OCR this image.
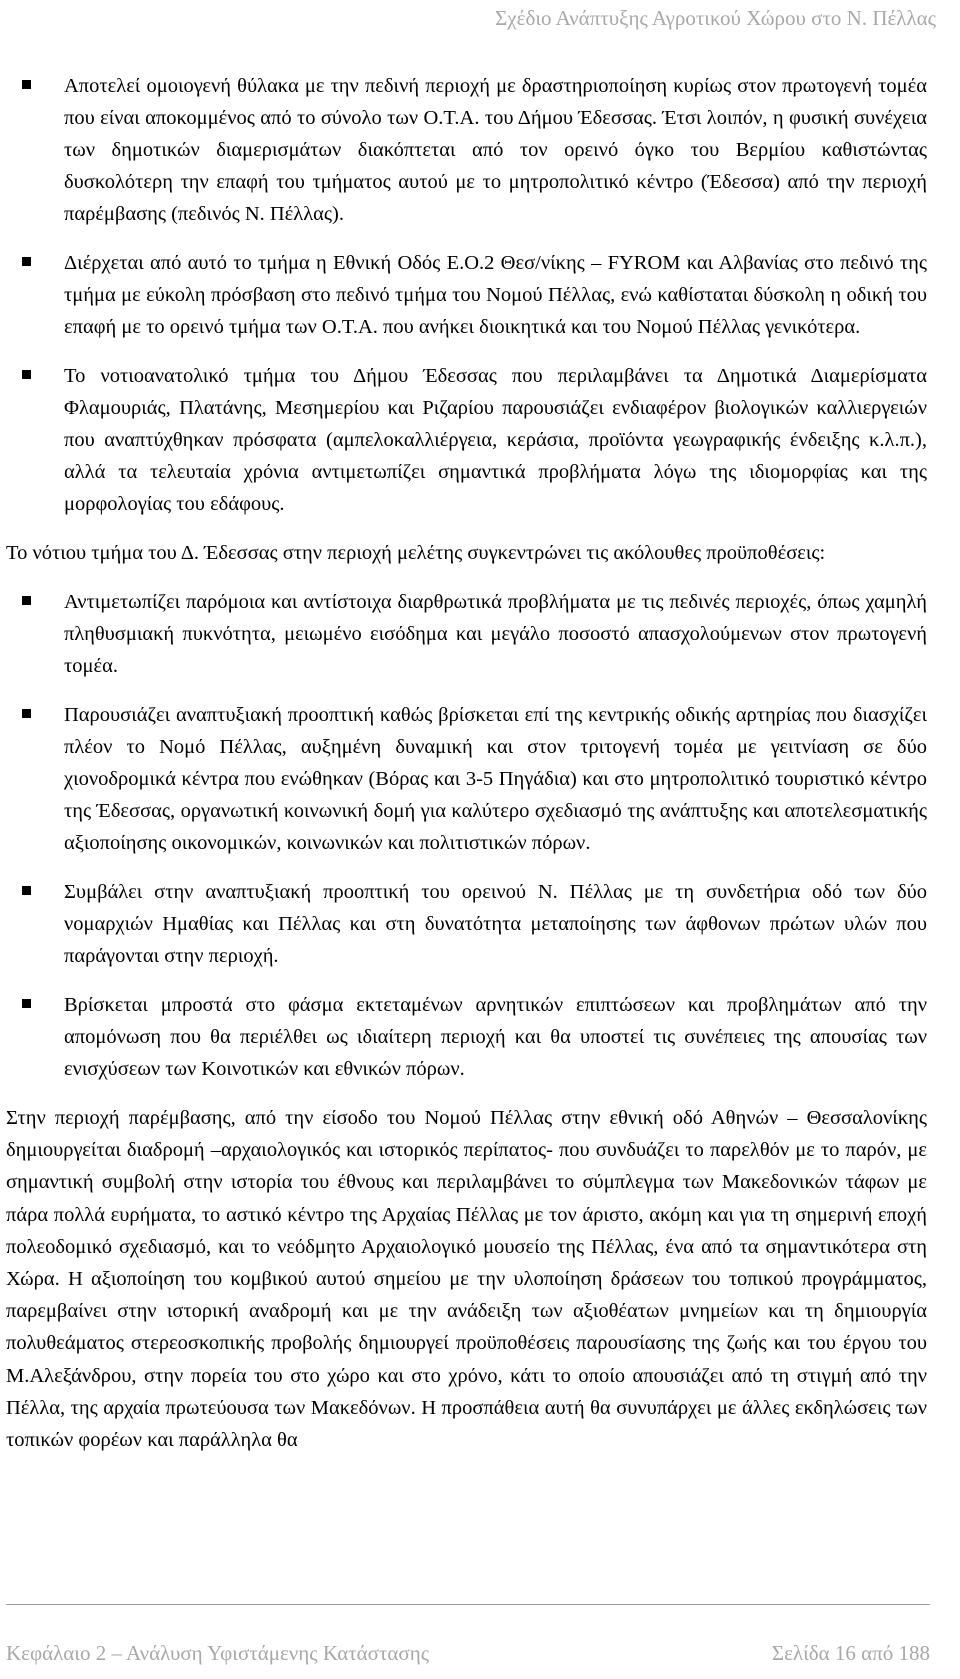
Σχέδιο Ανάπτυξης Αγροτικού Χώρου στο Ν. Πέλλας
Αποτελεί ομοιογενή θύλακα με την πεδινή περιοχή με δραστηριοποίηση κυρίως στον πρωτογενή τομέα που είναι αποκομμένος από το σύνολο των Ο.Τ.Α. του Δήμου Έδεσσας. Έτσι λοιπόν, η φυσική συνέχεια των δημοτικών διαμερισμάτων διακόπτεται από τον ορεινό όγκο του Βερμίου καθιστώντας δυσκολότερη την επαφή του τμήματος αυτού με το μητροπολιτικό κέντρο (Έδεσσα) από την περιοχή παρέμβασης (πεδινός Ν. Πέλλας).
Διέρχεται από αυτό το τμήμα η Εθνική Οδός Ε.Ο.2 Θεσ/νίκης – FYROM και Αλβανίας στο πεδινό της τμήμα με εύκολη πρόσβαση στο πεδινό τμήμα του Νομού Πέλλας, ενώ καθίσταται δύσκολη η οδική του επαφή με το ορεινό τμήμα των Ο.Τ.Α. που ανήκει διοικητικά και του Νομού Πέλλας γενικότερα.
Το νοτιοανατολικό τμήμα του Δήμου Έδεσσας που περιλαμβάνει τα Δημοτικά Διαμερίσματα Φλαμουριάς, Πλατάνης, Μεσημερίου και Ριζαρίου παρουσιάζει ενδιαφέρον βιολογικών καλλιεργειών που αναπτύχθηκαν πρόσφατα (αμπελοκαλλιέργεια, κεράσια, προϊόντα γεωγραφικής ένδειξης κ.λ.π.), αλλά τα τελευταία χρόνια αντιμετωπίζει σημαντικά προβλήματα λόγω της ιδιομορφίας και της μορφολογίας του εδάφους.

Το νότιου τμήμα του Δ. Έδεσσας στην περιοχή μελέτης συγκεντρώνει τις ακόλουθες προϋποθέσεις:

Αντιμετωπίζει παρόμοια και αντίστοιχα διαρθρωτικά προβλήματα με τις πεδινές περιοχές, όπως χαμηλή πληθυσμιακή πυκνότητα, μειωμένο εισόδημα και μεγάλο ποσοστό απασχολούμενων στον πρωτογενή τομέα.
Παρουσιάζει αναπτυξιακή προοπτική καθώς βρίσκεται επί της κεντρικής οδικής αρτηρίας που διασχίζει πλέον το Νομό Πέλλας, αυξημένη δυναμική και στον τριτογενή τομέα με γειτνίαση σε δύο χιονοδρομικά κέντρα που ενώθηκαν (Βόρας και 3-5 Πηγάδια) και στο μητροπολιτικό τουριστικό κέντρο της Έδεσσας, οργανωτική κοινωνική δομή για καλύτερο σχεδιασμό της ανάπτυξης και αποτελεσματικής αξιοποίησης οικονομικών, κοινωνικών και πολιτιστικών πόρων.
Συμβάλει στην αναπτυξιακή προοπτική του ορεινού Ν. Πέλλας με τη συνδετήρια οδό των δύο νομαρχιών Ημαθίας και Πέλλας και στη δυνατότητα μεταποίησης των άφθονων πρώτων υλών που παράγονται στην περιοχή.
Βρίσκεται μπροστά στο φάσμα εκτεταμένων αρνητικών επιπτώσεων και προβλημάτων από την απομόνωση που θα περιέλθει ως ιδιαίτερη περιοχή και θα υποστεί τις συνέπειες της απουσίας των ενισχύσεων των Κοινοτικών και εθνικών πόρων.

Στην περιοχή παρέμβασης, από την είσοδο του Νομού Πέλλας στην εθνική οδό Αθηνών – Θεσσαλονίκης δημιουργείται διαδρομή –αρχαιολογικός και ιστορικός περίπατος- που συνδυάζει το παρελθόν με το παρόν, με σημαντική συμβολή στην ιστορία του έθνους και περιλαμβάνει το σύμπλεγμα των Μακεδονικών τάφων με πάρα πολλά ευρήματα, το αστικό κέντρο της Αρχαίας Πέλλας με τον άριστο, ακόμη και για τη σημερινή εποχή πολεοδομικό σχεδιασμό, και το νεόδμητο Αρχαιολογικό μουσείο της Πέλλας, ένα από τα σημαντικότερα στη Χώρα. Η αξιοποίηση του κομβικού αυτού σημείου με την υλοποίηση δράσεων του τοπικού προγράμματος, παρεμβαίνει στην ιστορική αναδρομή και με την ανάδειξη των αξιοθέατων μνημείων και τη δημιουργία πολυθεάματος στερεοσκοπικής προβολής δημιουργεί προϋποθέσεις παρουσίασης της ζωής και του έργου του Μ.Αλεξάνδρου, στην πορεία του στο χώρο και στο χρόνο, κάτι το οποίο απουσιάζει από τη στιγμή από την Πέλλα, της αρχαία πρωτεύουσα των Μακεδόνων. Η προσπάθεια αυτή θα συνυπάρχει με άλλες εκδηλώσεις των τοπικών φορέων και παράλληλα θα

Κεφάλαιο 2 – Ανάλυση Υφιστάμενης Κατάστασης	Σελίδα 16 από 188
